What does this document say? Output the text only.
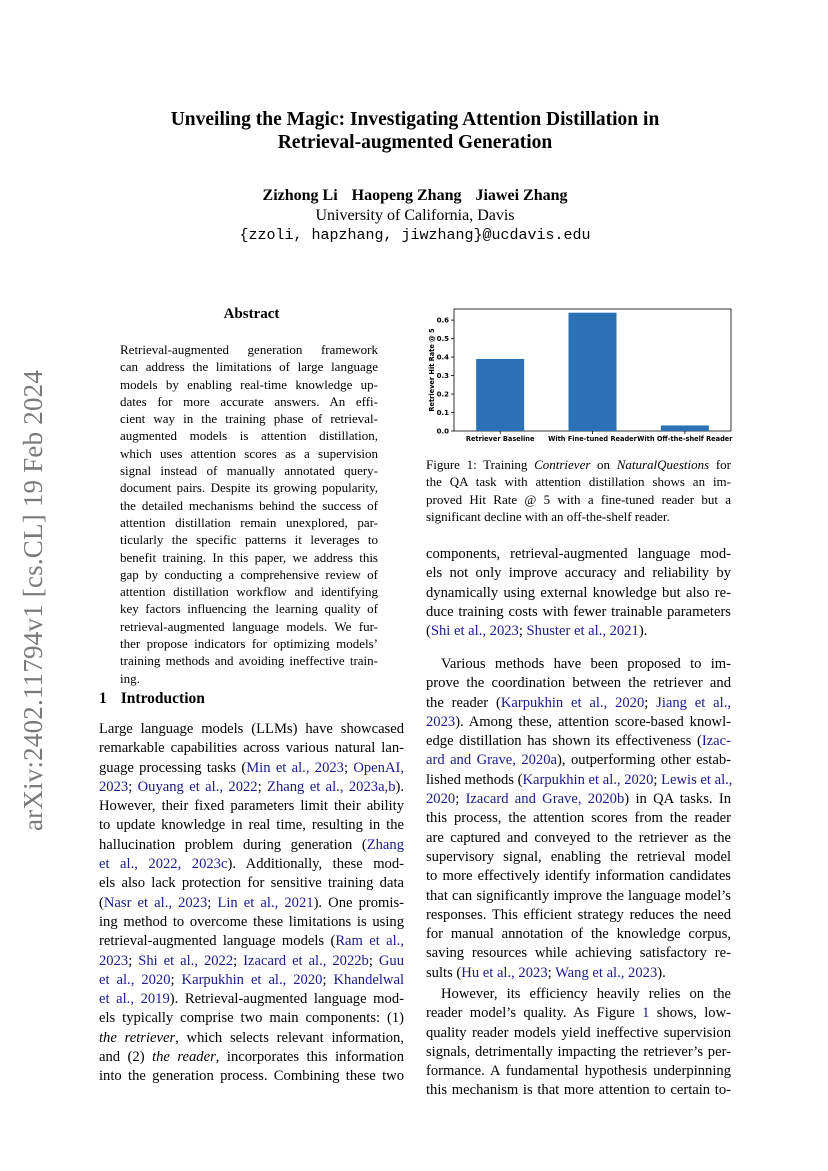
arXiv:2402.11794v1 [cs.CL] 19 Feb 2024
Unveiling the Magic: Investigating Attention Distillation in
Retrieval-augmented Generation
Zizhong Li Haopeng Zhang Jiawei Zhang
University of California, Davis
{zzoli, hapzhang, jiwzhang}@ucdavis.edu
Abstract
Retrieval-augmented generation framework
can address the limitations of large language
models by enabling real-time knowledge up-
dates for more accurate answers. An effi-
cient way in the training phase of retrieval-
augmented models is attention distillation,
which uses attention scores as a supervision
signal instead of manually annotated query-
document pairs. Despite its growing popularity,
the detailed mechanisms behind the success of
attention distillation remain unexplored, par-
ticularly the specific patterns it leverages to
benefit training. In this paper, we address this
gap by conducting a comprehensive review of
attention distillation workflow and identifying
key factors influencing the learning quality of
retrieval-augmented language models. We fur-
ther propose indicators for optimizing models’
training methods and avoiding ineffective train-
ing.
1 Introduction
Large language models (LLMs) have showcased
remarkable capabilities across various natural lan-
guage processing tasks (Min et al., 2023; OpenAI,
2023; Ouyang et al., 2022; Zhang et al., 2023a,b).
However, their fixed parameters limit their ability
to update knowledge in real time, resulting in the
hallucination problem during generation (Zhang
et al., 2022, 2023c). Additionally, these mod-
els also lack protection for sensitive training data
(Nasr et al., 2023; Lin et al., 2021). One promis-
ing method to overcome these limitations is using
retrieval-augmented language models (Ram et al.,
2023; Shi et al., 2022; Izacard et al., 2022b; Guu
et al., 2020; Karpukhin et al., 2020; Khandelwal
et al., 2019). Retrieval-augmented language mod-
els typically comprise two main components: (1)
the retriever, which selects relevant information,
and (2) the reader, incorporates this information
into the generation process. Combining these two
0.0
0.1
0.2
0.3
0.4
0.5
0.6
Retriever Hit Rate @ 5
Retriever Baseline With Fine-tuned Reader With Off-the-shelf Reader
Figure 1: Training Contriever on NaturalQuestions for
the QA task with attention distillation shows an im-
proved Hit Rate @ 5 with a fine-tuned reader but a
significant decline with an off-the-shelf reader.
components, retrieval-augmented language mod-
els not only improve accuracy and reliability by
dynamically using external knowledge but also re-
duce training costs with fewer trainable parameters
(Shi et al., 2023; Shuster et al., 2021).
Various methods have been proposed to im-
prove the coordination between the retriever and
the reader (Karpukhin et al., 2020; Jiang et al.,
2023). Among these, attention score-based knowl-
edge distillation has shown its effectiveness (Izac-
ard and Grave, 2020a), outperforming other estab-
lished methods (Karpukhin et al., 2020; Lewis et al.,
2020; Izacard and Grave, 2020b) in QA tasks. In
this process, the attention scores from the reader
are captured and conveyed to the retriever as the
supervisory signal, enabling the retrieval model
to more effectively identify information candidates
that can significantly improve the language model’s
responses. This efficient strategy reduces the need
for manual annotation of the knowledge corpus,
saving resources while achieving satisfactory re-
sults (Hu et al., 2023; Wang et al., 2023).
However, its efficiency heavily relies on the
reader model’s quality. As Figure 1 shows, low-
quality reader models yield ineffective supervision
signals, detrimentally impacting the retriever’s per-
formance. A fundamental hypothesis underpinning
this mechanism is that more attention to certain to-
